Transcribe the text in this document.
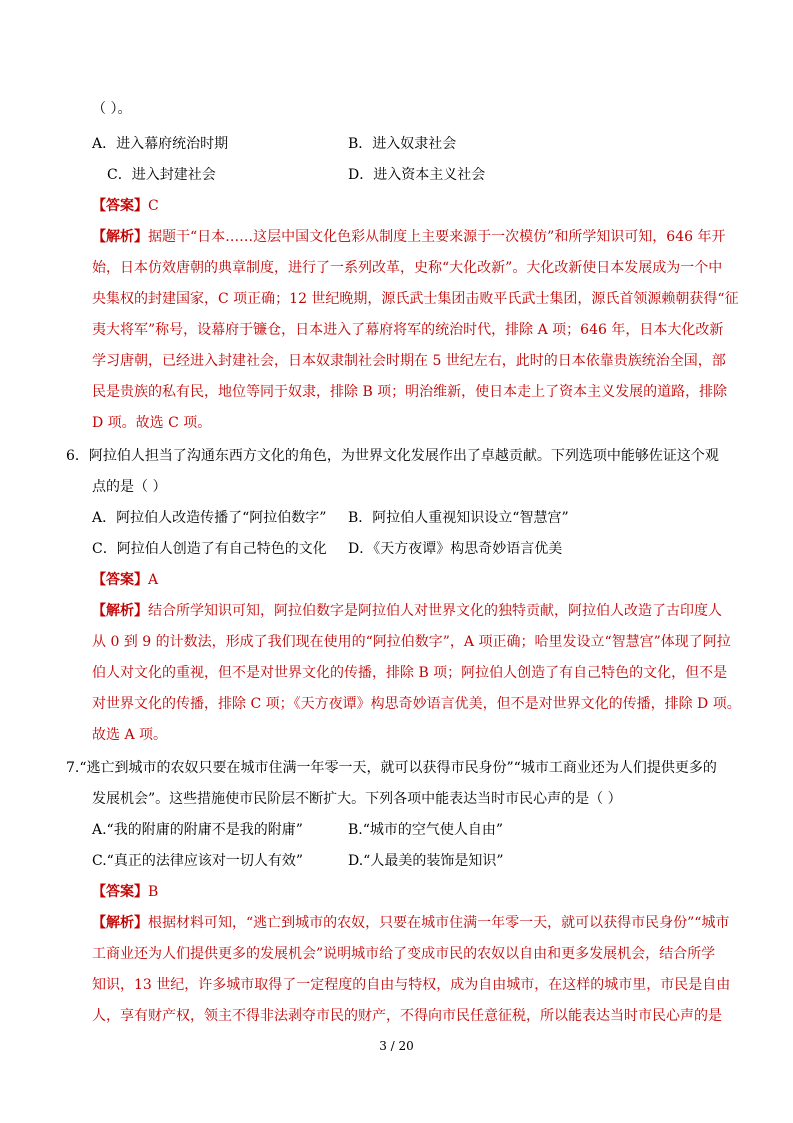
（ ）。
A．进入幕府统治时期	B．进入奴隶社会
C．进入封建社会	D．进入资本主义社会
【答案】C
【解析】据题干“日本……这层中国文化色彩从制度上主要来源于一次模仿”和所学知识可知，646 年开
始，日本仿效唐朝的典章制度，进行了一系列改革，史称“大化改新”。大化改新使日本发展成为一个中
央集权的封建国家，C 项正确；12 世纪晚期，源氏武士集团击败平氏武士集团，源氏首领源赖朝获得“征
夷大将军”称号，设幕府于镰仓，日本进入了幕府将军的统治时代，排除 A 项；646 年，日本大化改新
学习唐朝，已经进入封建社会，日本奴隶制社会时期在 5 世纪左右，此时的日本依靠贵族统治全国，部
民是贵族的私有民，地位等同于奴隶，排除 B 项；明治维新，使日本走上了资本主义发展的道路，排除
D 项。故选 C 项。
6．阿拉伯人担当了沟通东西方文化的角色，为世界文化发展作出了卓越贡献。下列选项中能够佐证这个观
点的是（ ）
A．阿拉伯人改造传播了“阿拉伯数字” B．阿拉伯人重视知识设立“智慧宫”
C．阿拉伯人创造了有自己特色的文化 D．《天方夜谭》构思奇妙语言优美
【答案】A
【解析】结合所学知识可知，阿拉伯数字是阿拉伯人对世界文化的独特贡献，阿拉伯人改造了古印度人
从 0 到 9 的计数法，形成了我们现在使用的“阿拉伯数字”，A 项正确；哈里发设立“智慧宫”体现了阿拉
伯人对文化的重视，但不是对世界文化的传播，排除 B 项；阿拉伯人创造了有自己特色的文化，但不是
对世界文化的传播，排除 C 项；《天方夜谭》构思奇妙语言优美，但不是对世界文化的传播，排除 D 项。
故选 A 项。
7.“逃亡到城市的农奴只要在城市住满一年零一天，就可以获得市民身份”“城市工商业还为人们提供更多的
发展机会”。这些措施使市民阶层不断扩大。下列各项中能表达当时市民心声的是（ ）
A.“我的附庸的附庸不是我的附庸”	B.“城市的空气使人自由”
C.“真正的法律应该对一切人有效”	D.“人最美的装饰是知识”
【答案】B
【解析】根据材料可知，“逃亡到城市的农奴，只要在城市住满一年零一天，就可以获得市民身份”“城市
工商业还为人们提供更多的发展机会”说明城市给了变成市民的农奴以自由和更多发展机会，结合所学
知识，13 世纪，许多城市取得了一定程度的自由与特权，成为自由城市，在这样的城市里，市民是自由
人，享有财产权，领主不得非法剥夺市民的财产，不得向市民任意征税，所以能表达当时市民心声的是
3 / 20
